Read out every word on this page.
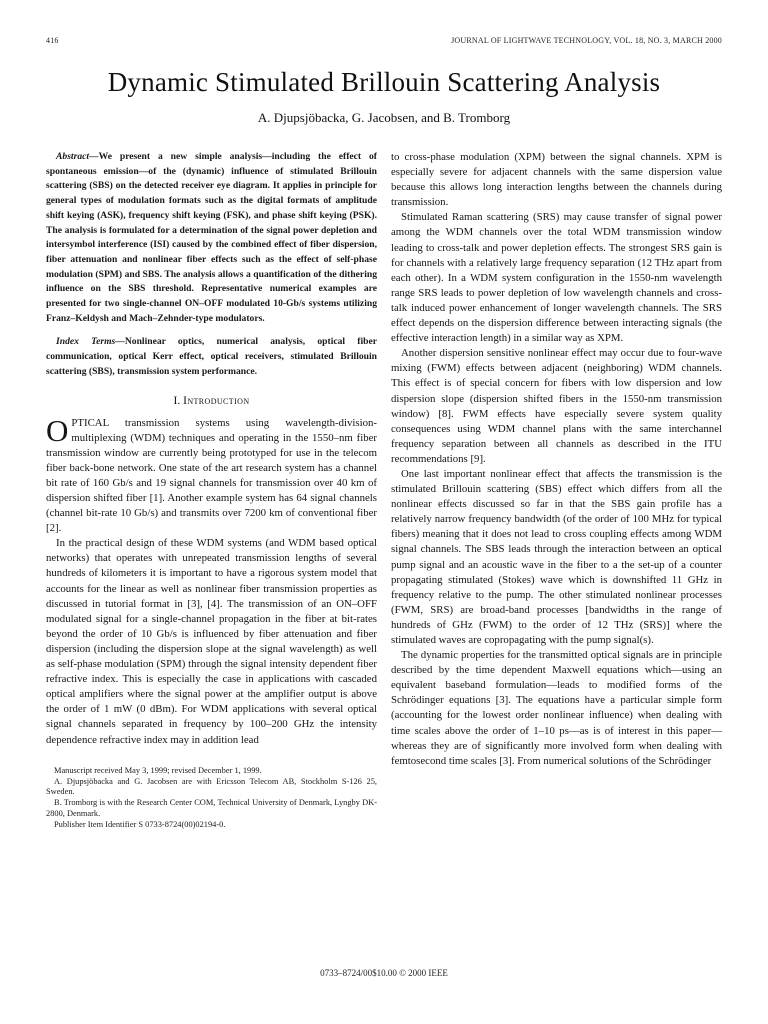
416	JOURNAL OF LIGHTWAVE TECHNOLOGY, VOL. 18, NO. 3, MARCH 2000
Dynamic Stimulated Brillouin Scattering Analysis
A. Djupsjöbacka, G. Jacobsen, and B. Tromborg

Abstract—We present a new simple analysis—including the effect of spontaneous emission—of the (dynamic) influence of stimulated Brillouin scattering (SBS) on the detected receiver eye diagram. It applies in principle for general types of modulation formats such as the digital formats of amplitude shift keying (ASK), frequency shift keying (FSK), and phase shift keying (PSK). The analysis is formulated for a determination of the signal power depletion and intersymbol interference (ISI) caused by the combined effect of fiber dispersion, fiber attenuation and nonlinear fiber effects such as the effect of self-phase modulation (SPM) and SBS. The analysis allows a quantification of the dithering influence on the SBS threshold. Representative numerical examples are presented for two single-channel ON–OFF modulated 10-Gb/s systems utilizing Franz–Keldysh and Mach–Zehnder-type modulators.

Index Terms—Nonlinear optics, numerical analysis, optical fiber communication, optical Kerr effect, optical receivers, stimulated Brillouin scattering (SBS), transmission system performance.

I. Introduction

OPTICAL transmission systems using wavelength-division-multiplexing (WDM) techniques and operating in the 1550–nm fiber transmission window are currently being prototyped for use in the telecom fiber back-bone network. One state of the art research system has a channel bit rate of 160 Gb/s and 19 signal channels for transmission over 40 km of dispersion shifted fiber [1]. Another example system has 64 signal channels (channel bit-rate 10 Gb/s) and transmits over 7200 km of conventional fiber [2].

In the practical design of these WDM systems (and WDM based optical networks) that operates with unrepeated transmission lengths of several hundreds of kilometers it is important to have a rigorous system model that accounts for the linear as well as nonlinear fiber transmission properties as discussed in tutorial format in [3], [4]. The transmission of an ON–OFF modulated signal for a single-channel propagation in the fiber at bit-rates beyond the order of 10 Gb/s is influenced by fiber attenuation and fiber dispersion (including the dispersion slope at the signal wavelength) as well as self-phase modulation (SPM) through the signal intensity dependent fiber refractive index. This is especially the case in applications with cascaded optical amplifiers where the signal power at the amplifier output is above the order of 1 mW (0 dBm). For WDM applications with several optical signal channels separated in frequency by 100–200 GHz the intensity dependence refractive index may in addition lead

Manuscript received May 3, 1999; revised December 1, 1999.

A. Djupsjöbacka and G. Jacobsen are with Ericsson Telecom AB, Stockholm S-126 25, Sweden.

B. Tromborg is with the Research Center COM, Technical University of Denmark, Lyngby DK-2800, Denmark.

Publisher Item Identifier S 0733-8724(00)02194-0.

to cross-phase modulation (XPM) between the signal channels. XPM is especially severe for adjacent channels with the same dispersion value because this allows long interaction lengths between the channels during transmission.

Stimulated Raman scattering (SRS) may cause transfer of signal power among the WDM channels over the total WDM transmission window leading to cross-talk and power depletion effects. The strongest SRS gain is for channels with a relatively large frequency separation (12 THz apart from each other). In a WDM system configuration in the 1550-nm wavelength range SRS leads to power depletion of low wavelength channels and cross-talk induced power enhancement of longer wavelength channels. The SRS effect depends on the dispersion difference between interacting signals (the effective interaction length) in a similar way as XPM.

Another dispersion sensitive nonlinear effect may occur due to four-wave mixing (FWM) effects between adjacent (neighboring) WDM channels. This effect is of special concern for fibers with low dispersion and low dispersion slope (dispersion shifted fibers in the 1550-nm transmission window) [8]. FWM effects have especially severe system quality consequences using WDM channel plans with the same interchannel frequency separation between all channels as described in the ITU recommendations [9].

One last important nonlinear effect that affects the transmission is the stimulated Brillouin scattering (SBS) effect which differs from all the nonlinear effects discussed so far in that the SBS gain profile has a relatively narrow frequency bandwidth (of the order of 100 MHz for typical fibers) meaning that it does not lead to cross coupling effects among WDM signal channels. The SBS leads through the interaction between an optical pump signal and an acoustic wave in the fiber to a the set-up of a counter propagating stimulated (Stokes) wave which is downshifted 11 GHz in frequency relative to the pump. The other stimulated nonlinear processes (FWM, SRS) are broad-band processes [bandwidths in the range of hundreds of GHz (FWM) to the order of 12 THz (SRS)] where the stimulated waves are copropagating with the pump signal(s).

The dynamic properties for the transmitted optical signals are in principle described by the time dependent Maxwell equations which—using an equivalent baseband formulation—leads to modified forms of the Schrödinger equations [3]. The equations have a particular simple form (accounting for the lowest order nonlinear influence) when dealing with time scales above the order of 1–10 ps—as is of interest in this paper—whereas they are of significantly more involved form when dealing with femtosecond time scales [3]. From numerical solutions of the Schrödinger

0733–8724/00$10.00 © 2000 IEEE
